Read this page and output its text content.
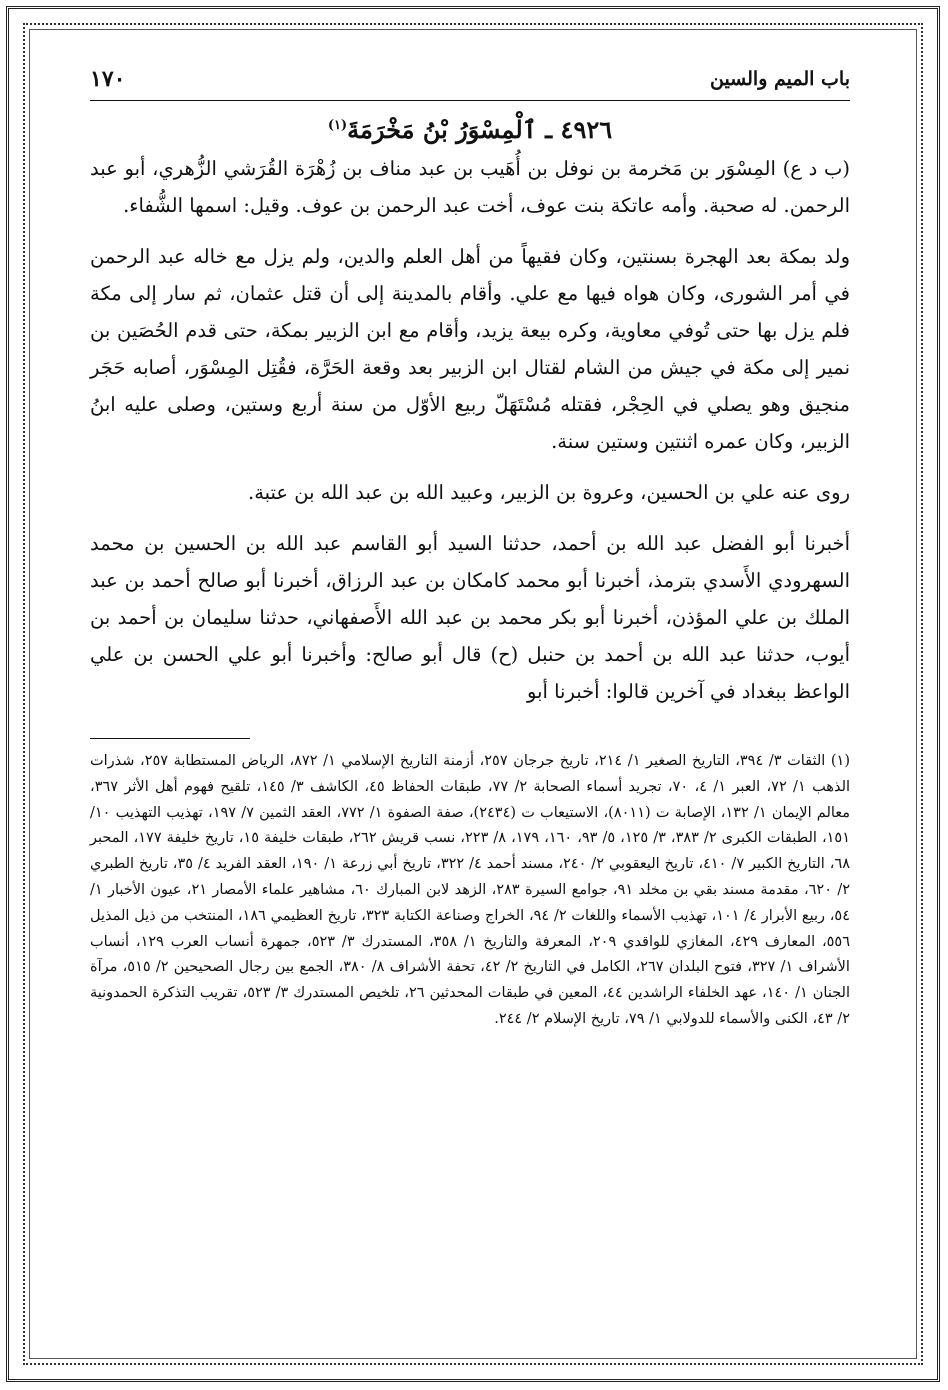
باب الميم والسين
١٧٠
٤٩٢٦ ـ ٱلْمِسْوَرُ بْنُ مَخْرَمَةَ$^{(١)}$

(ب د ع) المِسْوَر بن مَخرمة بن نوفل بن أُهَيب بن عبد مناف بن زُهْرَة القُرَشي الزُّهري، أبو عبد الرحمن. له صحبة. وأمه عاتكة بنت عوف، أخت عبد الرحمن بن عوف. وقيل: اسمها الشُّفاء.

ولد بمكة بعد الهجرة بسنتين، وكان فقيهاً من أهل العلم والدين، ولم يزل مع خاله عبد الرحمن في أمر الشورى، وكان هواه فيها مع علي. وأقام بالمدينة إلى أن قتل عثمان، ثم سار إلى مكة فلم يزل بها حتى تُوفي معاوية، وكره بيعة يزيد، وأقام مع ابن الزبير بمكة، حتى قدم الحُصَين بن نمير إلى مكة في جيش من الشام لقتال ابن الزبير بعد وقعة الحَرَّة، فقُتِل المِسْوَر، أصابه حَجَر منجيق وهو يصلي في الحِجْر، فقتله مُسْتَهَلّ ربيع الأوّل من سنة أربع وستين، وصلى عليه ابنُ الزبير، وكان عمره اثنتين وستين سنة.

روى عنه علي بن الحسين، وعروة بن الزبير، وعبيد الله بن عبد الله بن عتبة.

أخبرنا أبو الفضل عبد الله بن أحمد، حدثنا السيد أبو القاسم عبد الله بن الحسين بن محمد السهرودي الأَسدي بترمذ، أخبرنا أبو محمد كامكان بن عبد الرزاق، أخبرنا أبو صالح أحمد بن عبد الملك بن علي المؤذن، أخبرنا أبو بكر محمد بن عبد الله الأَصفهاني، حدثنا سليمان بن أحمد بن أيوب، حدثنا عبد الله بن أحمد بن حنبل (ح) قال أبو صالح: وأخبرنا أبو علي الحسن بن علي الواعظ ببغداد في آخرين قالوا: أخبرنا أبو

(١) الثقات ٣/ ٣٩٤، التاريخ الصغير ١/ ٢١٤، تاريخ جرجان ٢٥٧، أزمنة التاريخ الإسلامي ١/ ٨٧٢، الرياض المستطابة ٢٥٧، شذرات الذهب ١/ ٧٢، العبر ١/ ٤، ٧٠، تجريد أسماء الصحابة ٢/ ٧٧، طبقات الحفاظ ٤٥، الكاشف ٣/ ١٤٥، تلقيح فهوم أهل الأثر ٣٦٧، معالم الإيمان ١/ ١٣٢، الإصابة ت (٨٠١١)، الاستيعاب ت (٢٤٣٤)، صفة الصفوة ١/ ٧٧٢، العقد الثمين ٧/ ١٩٧، تهذيب التهذيب ١٠/ ١٥١، الطبقات الكبرى ٢/ ٣٨٣، ٣/ ١٢٥، ٥/ ٩٣، ١٦٠، ١٧٩، ٨/ ٢٢٣، نسب قريش ٢٦٢، طبقات خليفة ١٥، تاريخ خليفة ١٧٧، المحبر ٦٨، التاريخ الكبير ٧/ ٤١٠، تاريخ اليعقوبي ٢/ ٢٤٠، مسند أحمد ٤/ ٣٢٢، تاريخ أبي زرعة ١/ ١٩٠، العقد الفريد ٤/ ٣٥، تاريخ الطبري ٢/ ٦٢٠، مقدمة مسند بقي بن مخلد ٩١، جوامع السيرة ٢٨٣، الزهد لابن المبارك ٦٠، مشاهير علماء الأمصار ٢١، عيون الأخبار ١/ ٥٤، ربيع الأبرار ٤/ ١٠١، تهذيب الأسماء واللغات ٢/ ٩٤، الخراج وصناعة الكتابة ٣٢٣، تاريخ العظيمي ١٨٦، المنتخب من ذيل المذيل ٥٥٦، المعارف ٤٢٩، المغازي للواقدي ٢٠٩، المعرفة والتاريخ ١/ ٣٥٨، المستدرك ٣/ ٥٢٣، جمهرة أنساب العرب ١٢٩، أنساب الأشراف ١/ ٣٢٧، فتوح البلدان ٢٦٧، الكامل في التاريخ ٢/ ٤٢، تحفة الأشراف ٨/ ٣٨٠، الجمع بين رجال الصحيحين ٢/ ٥١٥، مرآة الجنان ١/ ١٤٠، عهد الخلفاء الراشدين ٤٤، المعين في طبقات المحدثين ٢٦، تلخيص المستدرك ٣/ ٥٢٣، تقريب التذكرة الحمدونية ٢/ ٤٣، الكنى والأسماء للدولابي ١/ ٧٩، تاريخ الإسلام ٢/ ٢٤٤.
